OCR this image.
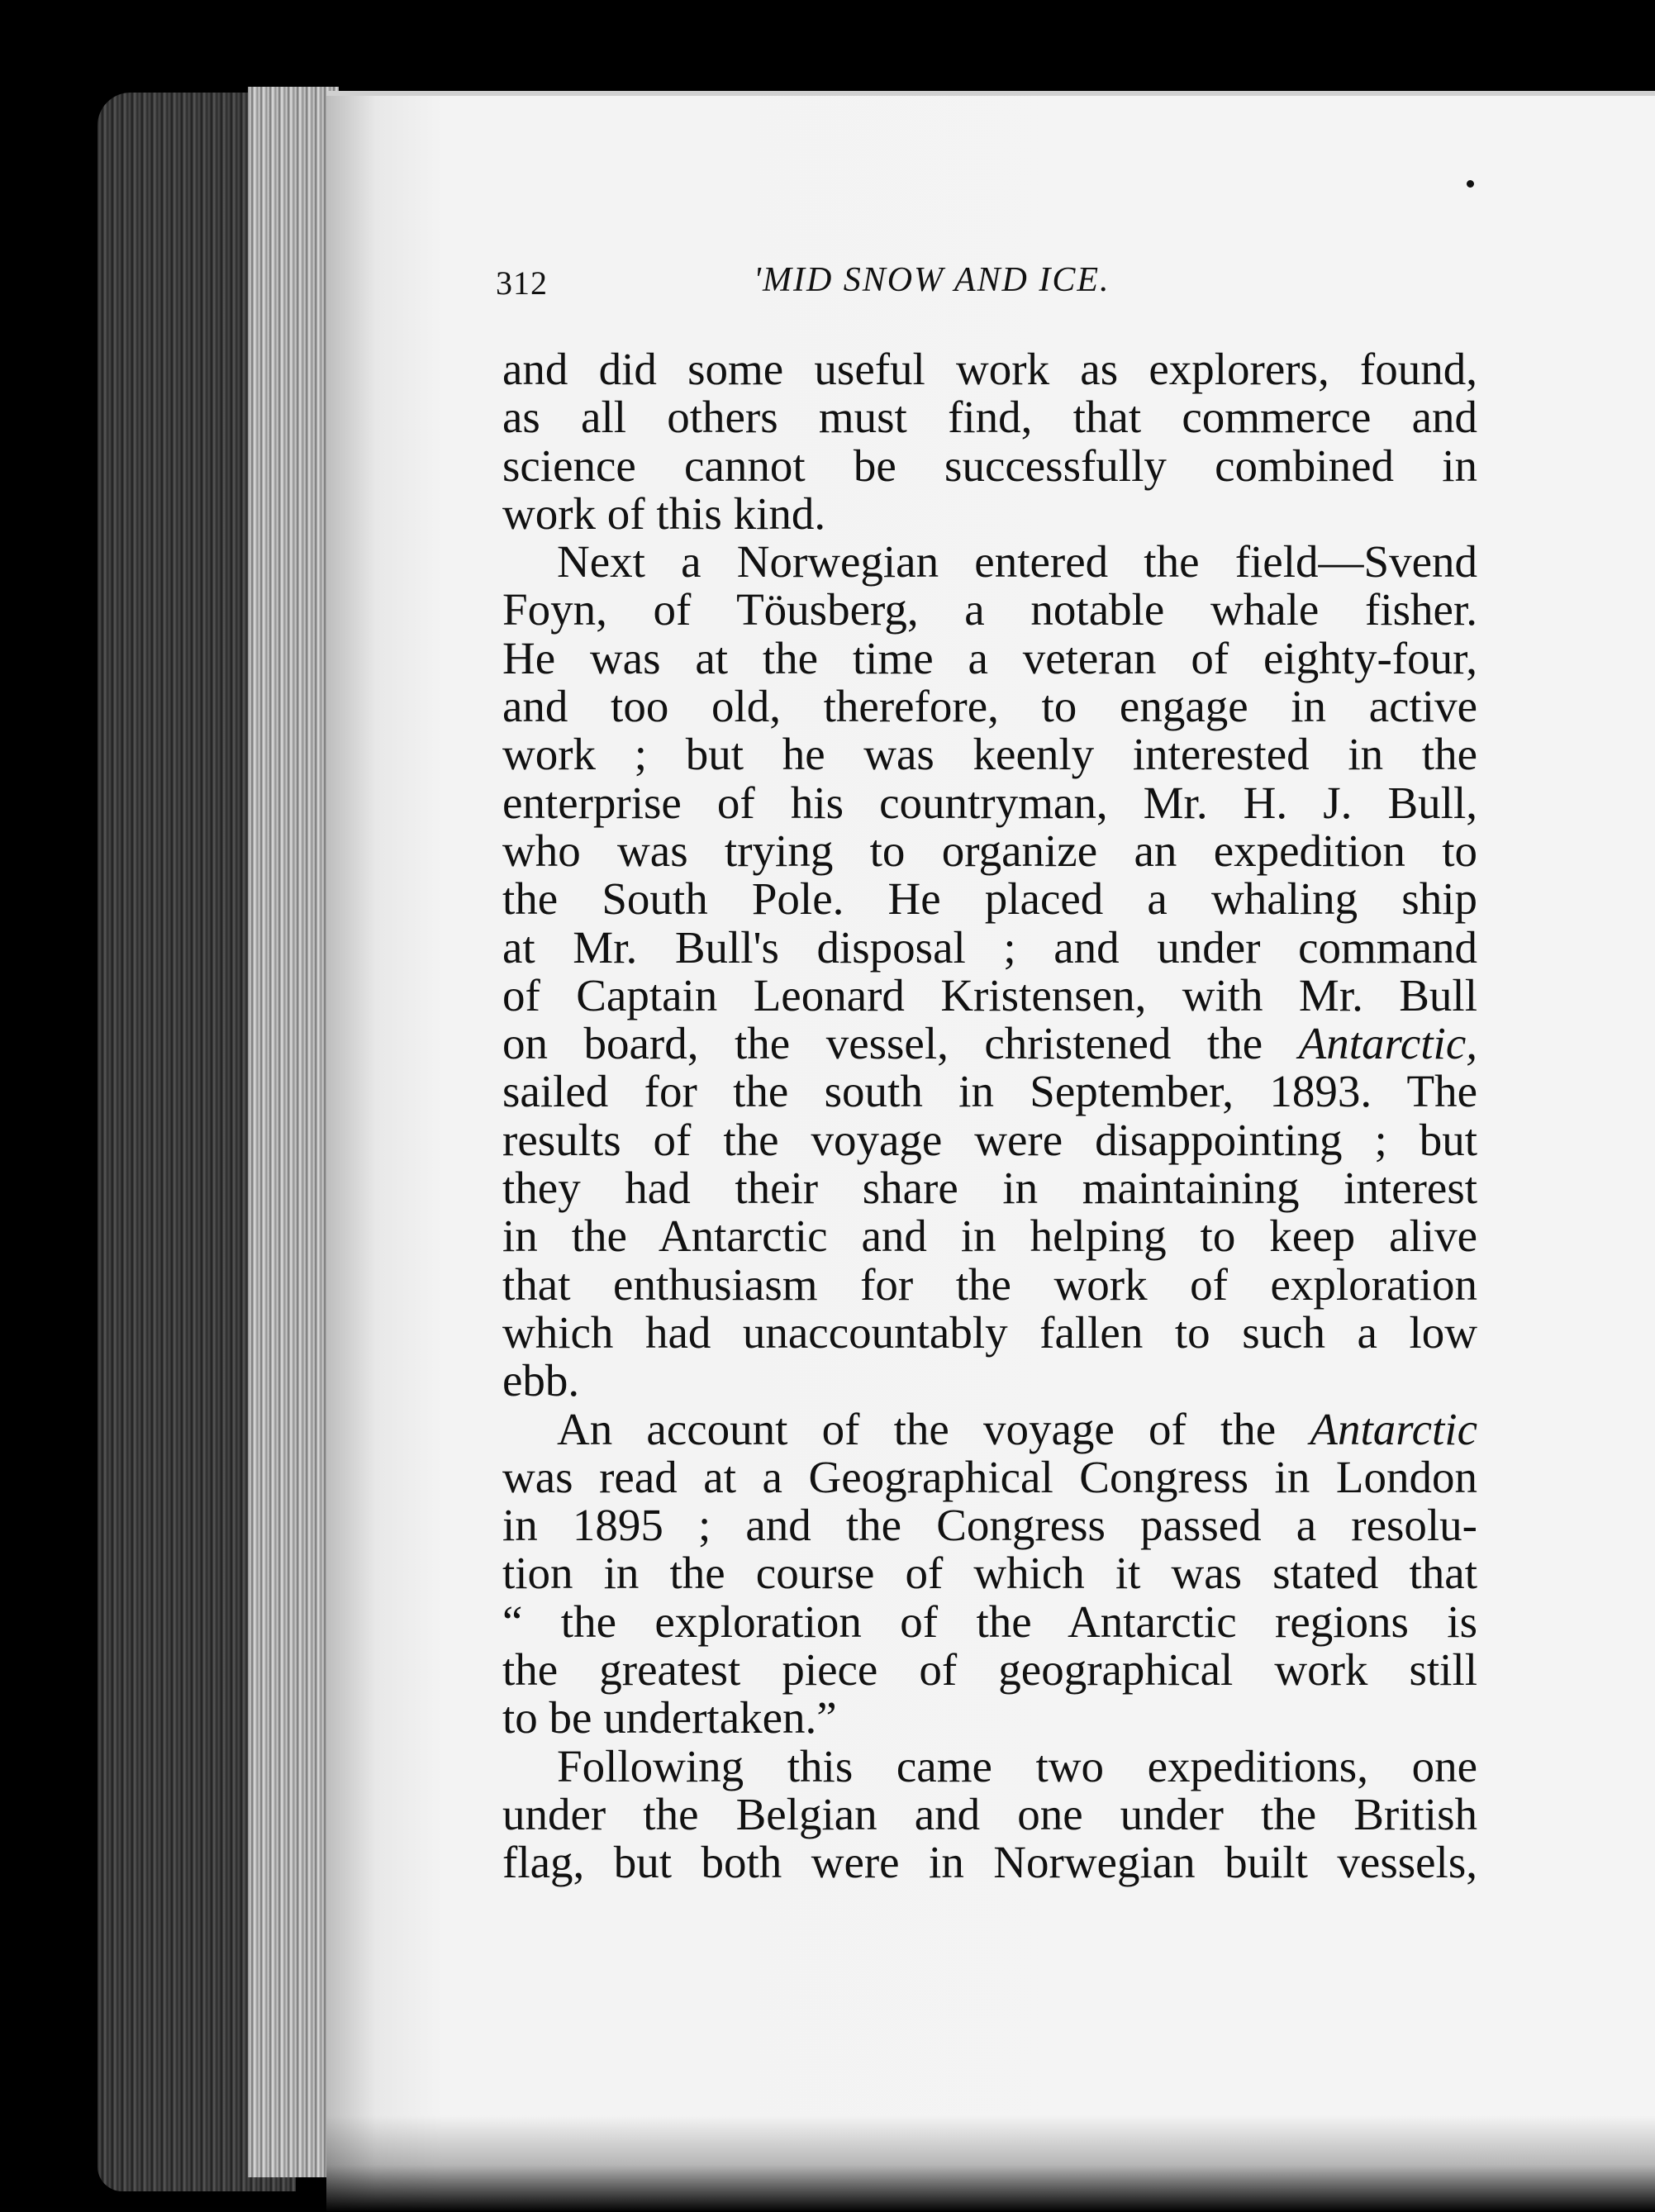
312	'MID SNOW AND ICE.
and did some useful work as explorers, found,
as all others must find, that commerce and
science cannot be successfully combined in
work of this kind.
Next a Norwegian entered the field—Svend
Foyn, of Töusberg, a notable whale fisher.
He was at the time a veteran of eighty-four,
and too old, therefore, to engage in active
work ; but he was keenly interested in the
enterprise of his countryman, Mr. H. J. Bull,
who was trying to organize an expedition to
the South Pole. He placed a whaling ship
at Mr. Bull's disposal ; and under command
of Captain Leonard Kristensen, with Mr. Bull
on board, the vessel, christened the Antarctic,
sailed for the south in September, 1893. The
results of the voyage were disappointing ; but
they had their share in maintaining interest
in the Antarctic and in helping to keep alive
that enthusiasm for the work of exploration
which had unaccountably fallen to such a low
ebb.
An account of the voyage of the Antarctic
was read at a Geographical Congress in London
in 1895 ; and the Congress passed a resolu-
tion in the course of which it was stated that
“ the exploration of the Antarctic regions is
the greatest piece of geographical work still
to be undertaken.”
Following this came two expeditions, one
under the Belgian and one under the British
flag, but both were in Norwegian built vessels,
